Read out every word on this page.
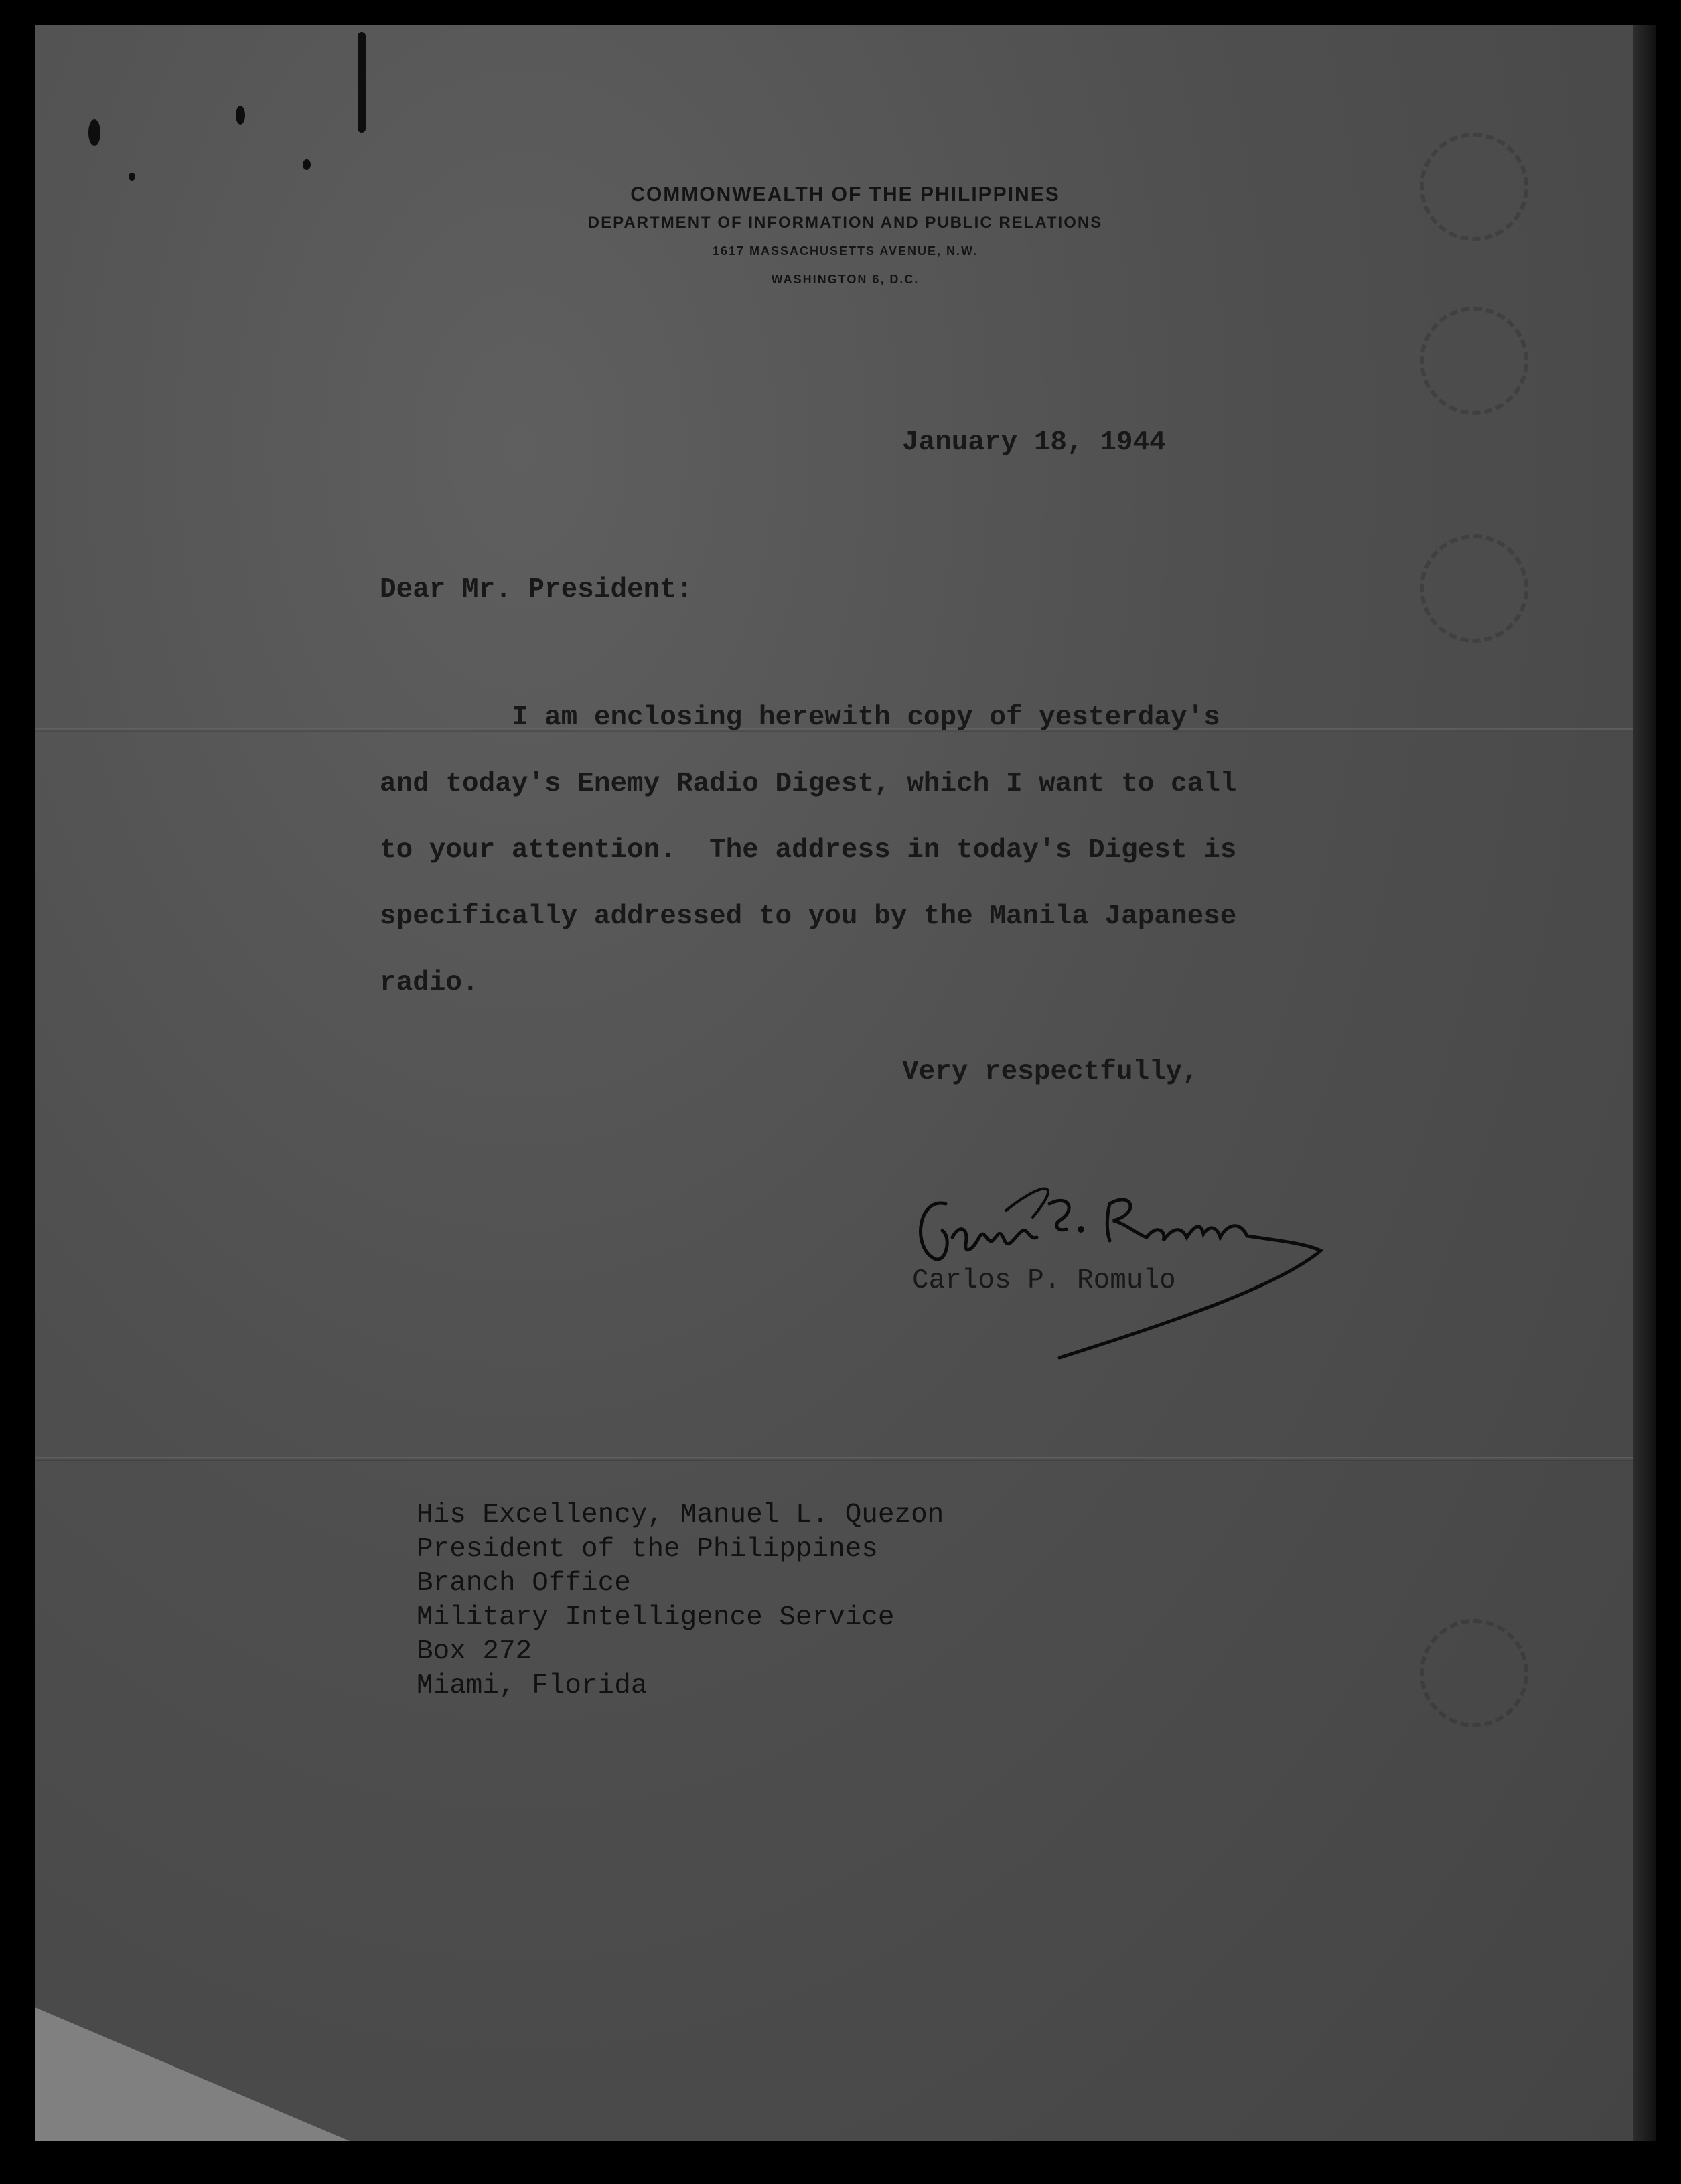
COMMONWEALTH OF THE PHILIPPINES
DEPARTMENT OF INFORMATION AND PUBLIC RELATIONS
1617 MASSACHUSETTS AVENUE, N.W.
WASHINGTON 6, D.C.
January 18, 1944
Dear Mr. President:
I am enclosing herewith copy of yesterday's
and today's Enemy Radio Digest, which I want to call
to your attention.  The address in today's Digest is
specifically addressed to you by the Manila Japanese
radio.
Very respectfully,
Carlos P. Romulo
His Excellency, Manuel L. Quezon
President of the Philippines
Branch Office
Military Intelligence Service
Box 272
Miami, Florida
